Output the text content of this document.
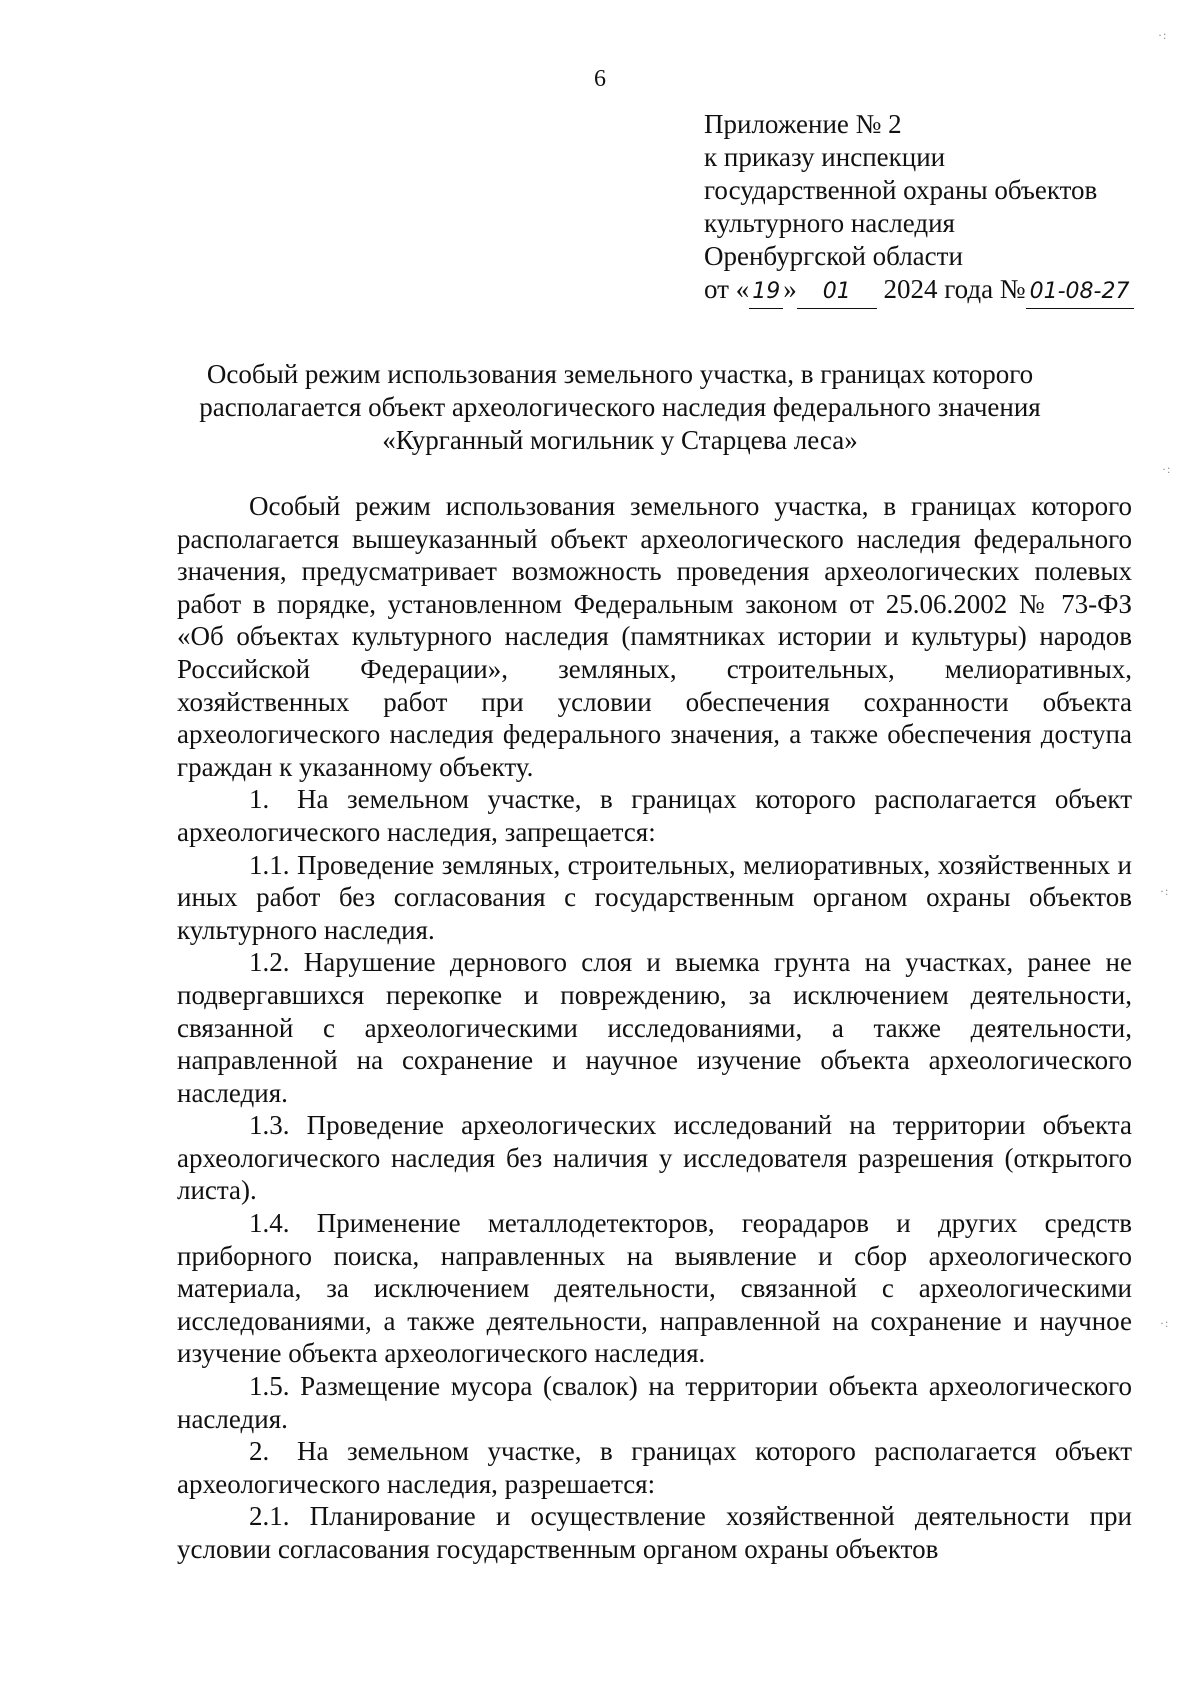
6
Приложение № 2
к приказу инспекции
государственной охраны объектов
культурного наследия
Оренбургской области
от « 19 » 01 2024 года № 01-08-27
Особый режим использования земельного участка, в границах которого
располагается объект археологического наследия федерального значения
«Курганный могильник у Старцева леса»

Особый режим использования земельного участка, в границах которого располагается вышеуказанный объект археологического наследия федерального значения, предусматривает возможность проведения археологических полевых работ в порядке, установленном Федеральным законом от 25.06.2002 № 73-ФЗ «Об объектах культурного наследия (памятниках истории и культуры) народов Российской Федерации», земляных, строительных, мелиоративных, хозяйственных работ при условии обеспечения сохранности объекта археологического наследия федерального значения, а также обеспечения доступа граждан к указанному объекту.

1. На земельном участке, в границах которого располагается объект археологического наследия, запрещается:

1.1. Проведение земляных, строительных, мелиоративных, хозяйственных и иных работ без согласования с государственным органом охраны объектов культурного наследия.

1.2. Нарушение дернового слоя и выемка грунта на участках, ранее не подвергавшихся перекопке и повреждению, за исключением деятельности, связанной с археологическими исследованиями, а также деятельности, направленной на сохранение и научное изучение объекта археологического наследия.

1.3. Проведение археологических исследований на территории объекта археологического наследия без наличия у исследователя разрешения (открытого листа).

1.4. Применение металлодетекторов, георадаров и других средств приборного поиска, направленных на выявление и сбор археологического материала, за исключением деятельности, связанной с археологическими исследованиями, а также деятельности, направленной на сохранение и научное изучение объекта археологического наследия.

1.5. Размещение мусора (свалок) на территории объекта археологического наследия.

2. На земельном участке, в границах которого располагается объект археологического наследия, разрешается:

2.1. Планирование и осуществление хозяйственной деятельности при условии согласования государственным органом охраны объектов

·:
·:
·:
·:
